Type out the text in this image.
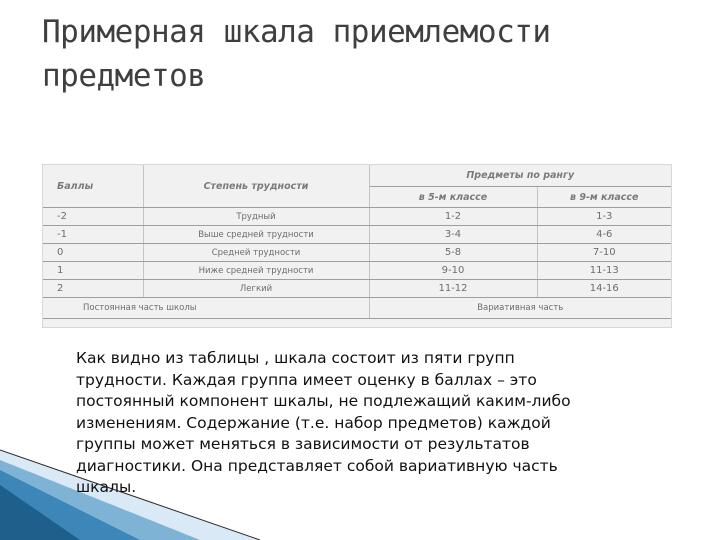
Примерная шкала приемлемости
предметов
Баллы	Степень трудности	Предметы по рангу	
		в 5-м классе	в 9-м классе
-2	Трудный	1-2	1-3
-1	Выше средней трудности	3-4	4-6
0	Средней трудности	5-8	7-10
1	Ниже средней трудности	9-10	11-13
2	Легкий	11-12	14-16
Постоянная часть школы		Вариативная часть	
Как видно из таблицы , шкала состоит из пяти групп
трудности. Каждая группа имеет оценку в баллах – это
постоянный компонент шкалы, не подлежащий каким-либо
изменениям. Содержание (т.е. набор предметов) каждой
группы может меняться в зависимости от результатов
диагностики. Она представляет собой вариативную часть
шкалы.
